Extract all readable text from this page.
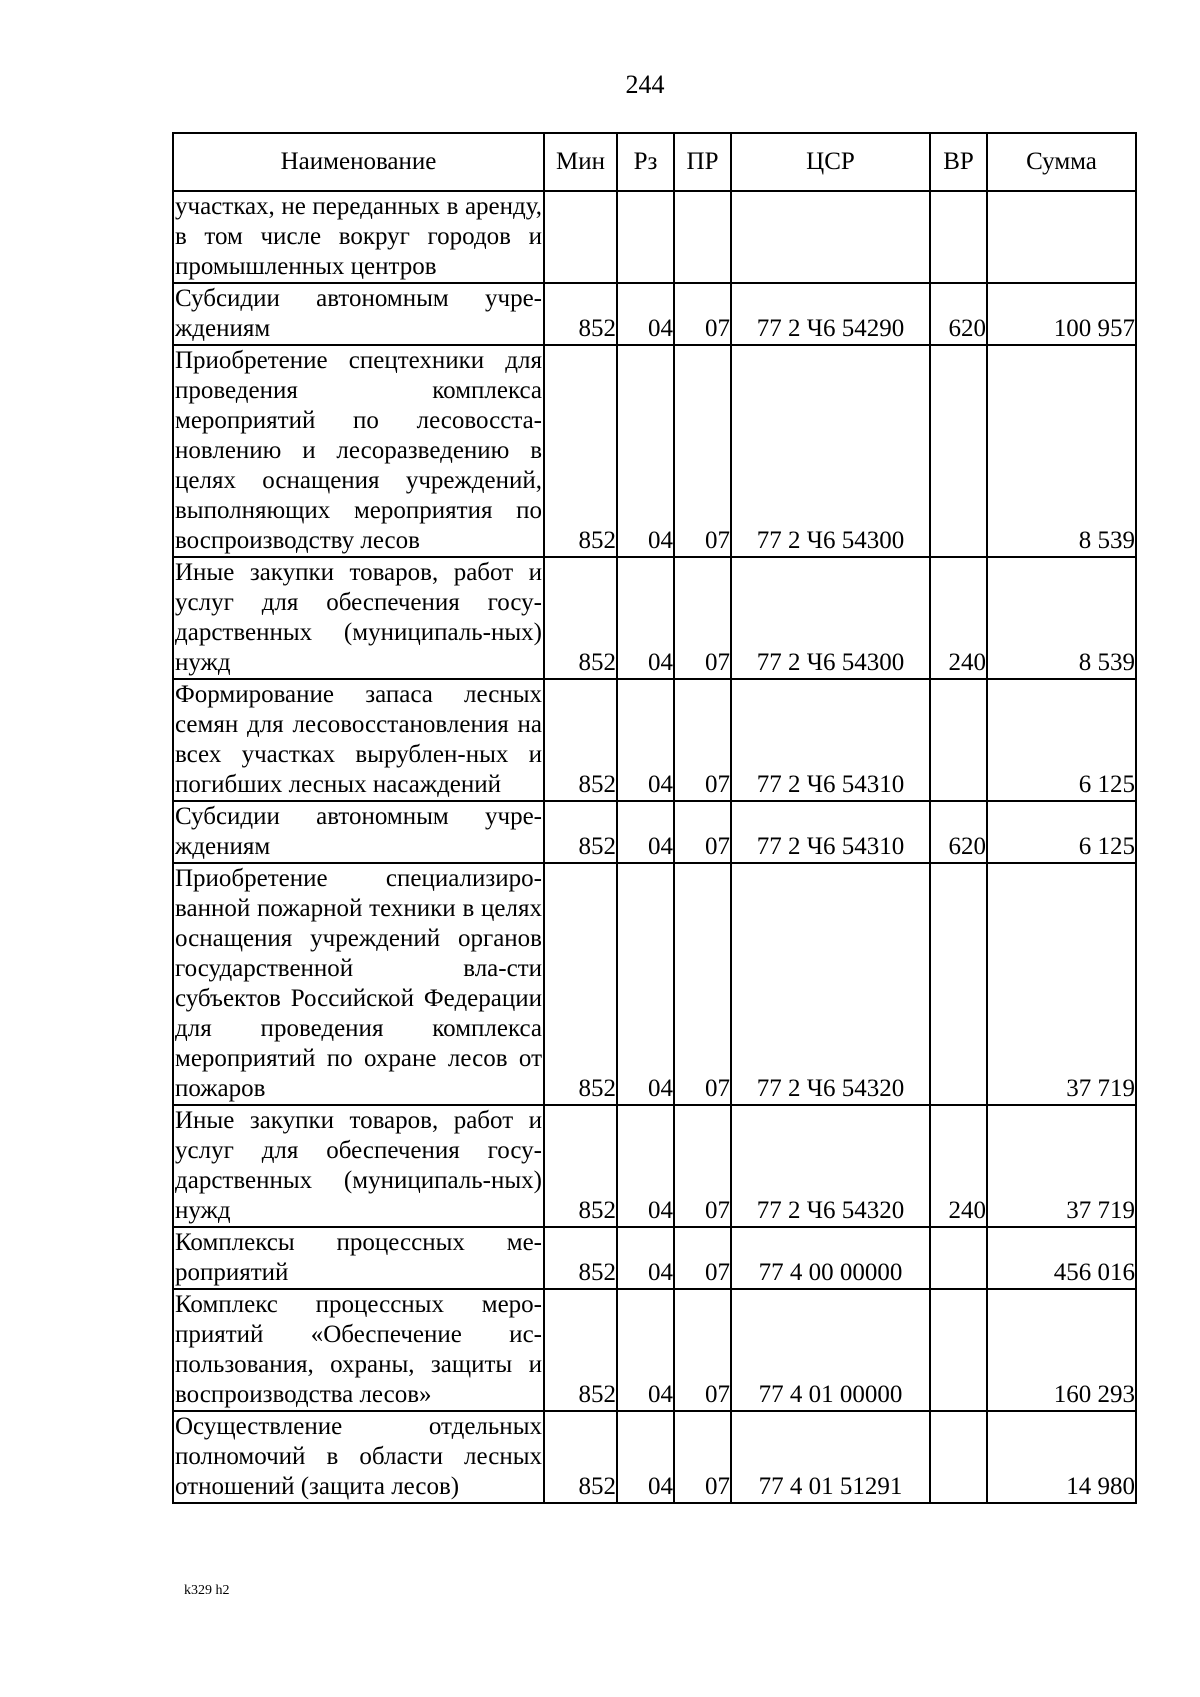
244
Наименование	Мин	Рз	ПР	ЦСР	ВР	Сумма
участках, не переданных в аренду, в том числе вокруг городов и промышленных центров						
Субсидии автономным учре-ждениям	852	04	07	77 2 Ч6 54290	620	100 957
Приобретение спецтехники для проведения комплекса мероприятий по лесовосста-новлению и лесоразведению в целях оснащения учреждений, выполняющих мероприятия по воспроизводству лесов	852	04	07	77 2 Ч6 54300		8 539
Иные закупки товаров, работ и услуг для обеспечения госу-дарственных (муниципаль-ных) нужд	852	04	07	77 2 Ч6 54300	240	8 539
Формирование запаса лесных семян для лесовосстановления на всех участках вырублен-ных и погибших лесных насаждений	852	04	07	77 2 Ч6 54310		6 125
Субсидии автономным учре-ждениям	852	04	07	77 2 Ч6 54310	620	6 125
Приобретение специализиро-ванной пожарной техники в целях оснащения учреждений органов государственной вла-сти субъектов Российской Федерации для проведения комплекса мероприятий по охране лесов от пожаров	852	04	07	77 2 Ч6 54320		37 719
Иные закупки товаров, работ и услуг для обеспечения госу-дарственных (муниципаль-ных) нужд	852	04	07	77 2 Ч6 54320	240	37 719
Комплексы процессных ме-роприятий	852	04	07	77 4 00 00000		456 016
Комплекс процессных меро-приятий «Обеспечение ис-пользования, охраны, защиты и воспроизводства лесов»	852	04	07	77 4 01 00000		160 293
Осуществление отдельных полномочий в области лесных отношений (защита лесов)	852	04	07	77 4 01 51291		14 980
k329 h2
